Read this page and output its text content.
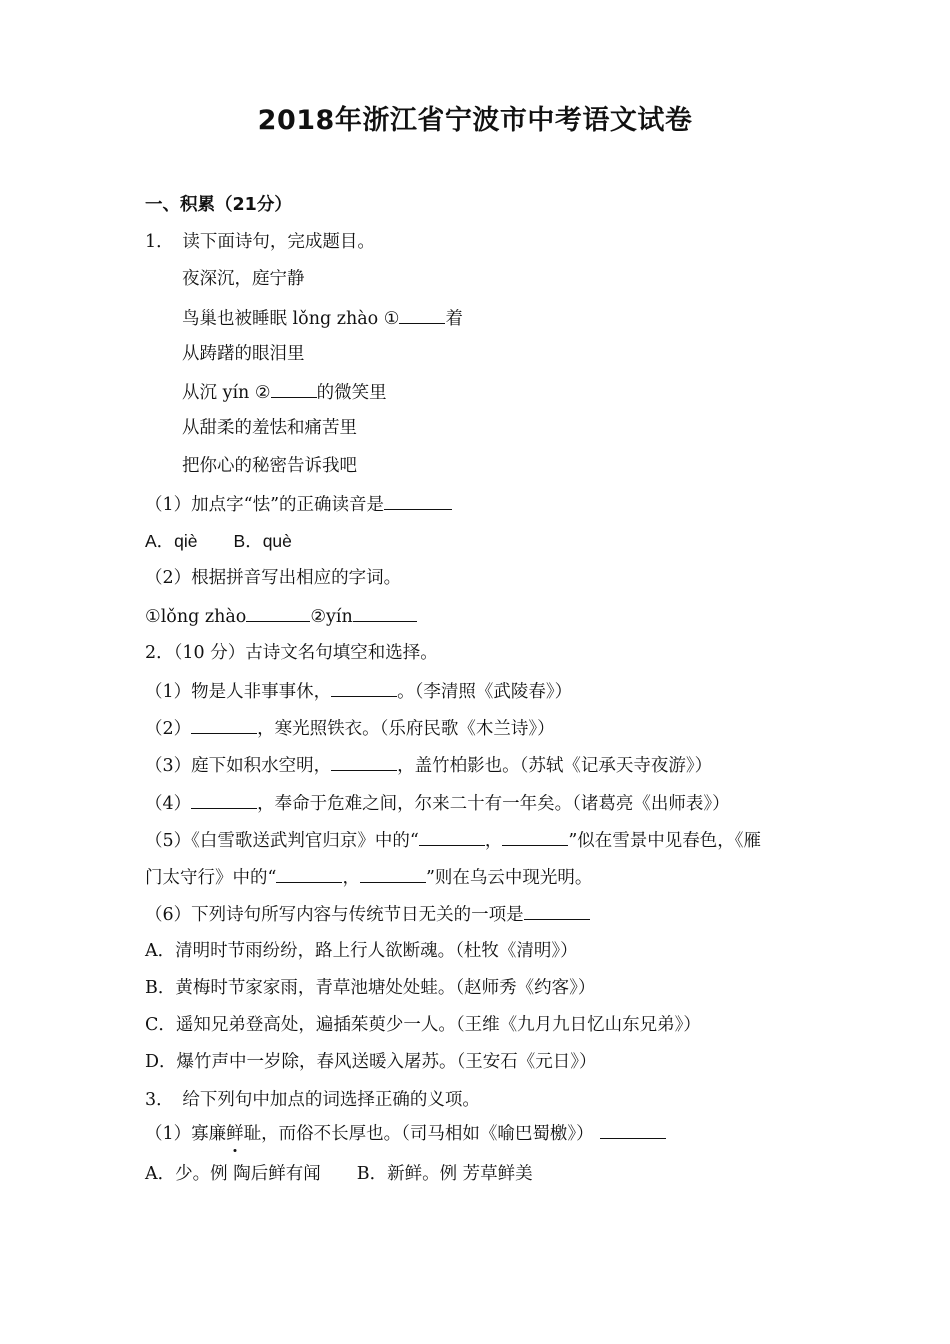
2018年浙江省宁波市中考语文试卷
一、积累（21分）
1．　读下面诗句，完成题目。
夜深沉，庭宁静
鸟巢也被睡眠 lǒng zhào ①	着
从踌躇的眼泪里
从沉 yín ②	的微笑里
从甜柔的羞怯和痛苦里
把你心的秘密告诉我吧
（1）加点字“怯”的正确读音是
A．qiè B．què
（2）根据拼音写出相应的字词。
①lǒng zhào	②yín
2．（10 分）古诗文名句填空和选择。
（1）物是人非事事休，	。（李清照《武陵春》）
（2）	，寒光照铁衣。（乐府民歌《木兰诗》）
（3）庭下如积水空明，	，盖竹柏影也。（苏轼《记承天寺夜游》）
（4）	，奉命于危难之间，尔来二十有一年矣。（诸葛亮《出师表》）
（5）《白雪歌送武判官归京》中的“	，	”似在雪景中见春色，《雁
门太守行》中的“	，	”则在乌云中现光明。
（6）下列诗句所写内容与传统节日无关的一项是
A．清明时节雨纷纷，路上行人欲断魂。（杜牧《清明》）
B．黄梅时节家家雨，青草池塘处处蛙。（赵师秀《约客》）
C．遥知兄弟登高处，遍插茱萸少一人。（王维《九月九日忆山东兄弟》）
D．爆竹声中一岁除，春风送暖入屠苏。（王安石《元日》）
3．　给下列句中加点的词选择正确的义项。
（1）寡廉鲜耻，而俗不长厚也。（司马相如《喻巴蜀檄》）
A．少。例 陶后鲜有闻 B．新鲜。例 芳草鲜美
